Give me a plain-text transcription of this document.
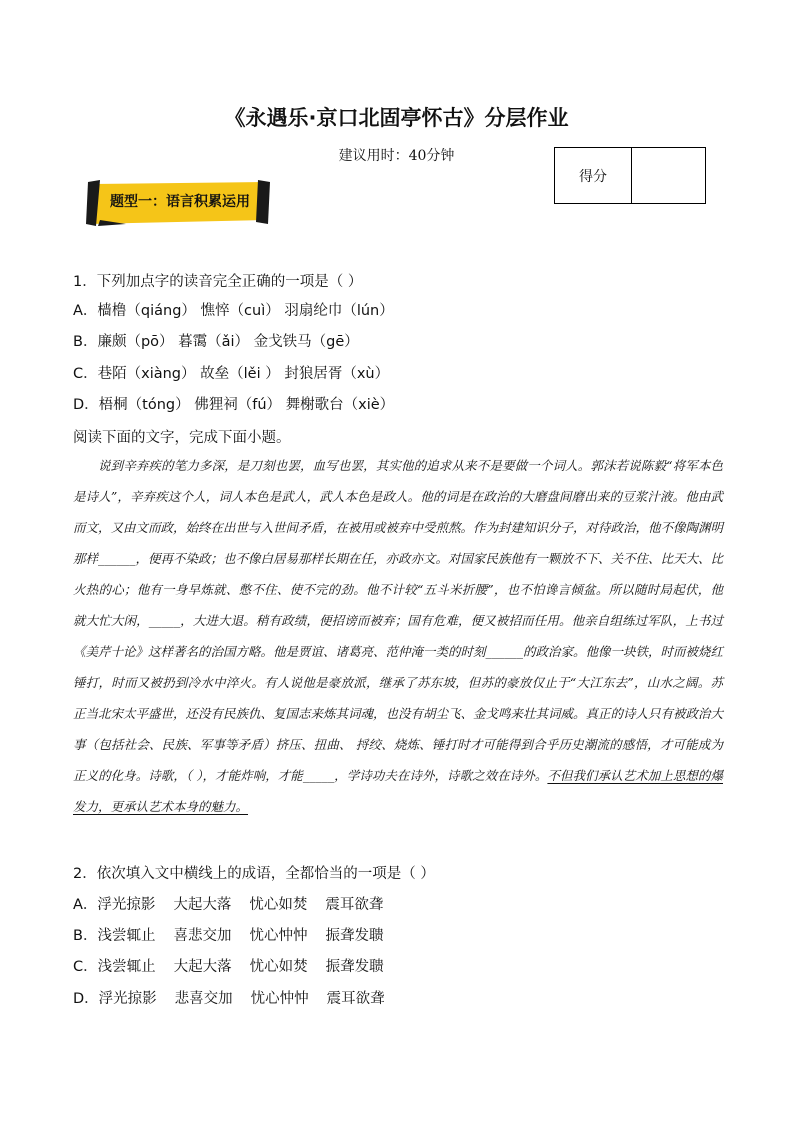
《永遇乐·京口北固亭怀古》分层作业
建议用时：40分钟
得分
题型一：语言积累运用
1．下列加点字的读音完全正确的一项是（ ）
A．樯橹（qiáng） 憔悴（cuì） 羽扇纶巾（lún）
B．廉颇（pō） 暮霭（ǎi） 金戈铁马（gē）
C．巷陌（xiàng） 故垒（lěi ） 封狼居胥（xù）
D．梧桐（tóng） 佛狸祠（fú） 舞榭歌台（xiè）
阅读下面的文字，完成下面小题。

说到辛弃疾的笔力多深，是刀刻也罢，血写也罢，其实他的追求从来不是要做一个词人。郭沫若说陈毅“将军本色是诗人”，辛弃疾这个人，词人本色是武人，武人本色是政人。他的词是在政治的大磨盘间磨出来的豆浆汁液。他由武而文，又由文而政，始终在出世与入世间矛盾，在被用或被弃中受煎熬。作为封建知识分子，对待政治，他不像陶渊明那样______，便再不染政；也不像白居易那样长期在任，亦政亦文。对国家民族他有一颗放不下、关不住、比天大、比火热的心；他有一身早炼就、憋不住、使不完的劲。他不计较“五斗米折腰”，也不怕谗言倾盆。所以随时局起伏，他就大忙大闲，_____，大进大退。稍有政绩，便招谤而被弃；国有危难，便又被招而任用。他亲自组练过军队，上书过《美芹十论》这样著名的治国方略。他是贾谊、诸葛亮、范仲淹一类的时刻______的政治家。他像一块铁，时而被烧红锤打，时而又被扔到冷水中淬火。有人说他是豪放派，继承了苏东坡，但苏的豪放仅止于“大江东去”，山水之阔。苏正当北宋太平盛世，还没有民族仇、复国志来炼其词魂，也没有胡尘飞、金戈鸣来壮其词威。真正的诗人只有被政治大事（包括社会、民族、军事等矛盾）挤压、扭曲、 捋绞、烧炼、锤打时才可能得到合乎历史潮流的感悟，才可能成为正义的化身。诗歌，（ ），才能炸响，才能_____，学诗功夫在诗外，诗歌之效在诗外。不但我们承认艺术加上思想的爆发力，更承认艺术本身的魅力。

2．依次填入文中横线上的成语，全都恰当的一项是（ ）
A．浮光掠影 大起大落 忧心如焚 震耳欲聋
B．浅尝辄止 喜悲交加 忧心忡忡 振聋发聩
C．浅尝辄止 大起大落 忧心如焚 振聋发聩
D．浮光掠影 悲喜交加 忧心忡忡 震耳欲聋
